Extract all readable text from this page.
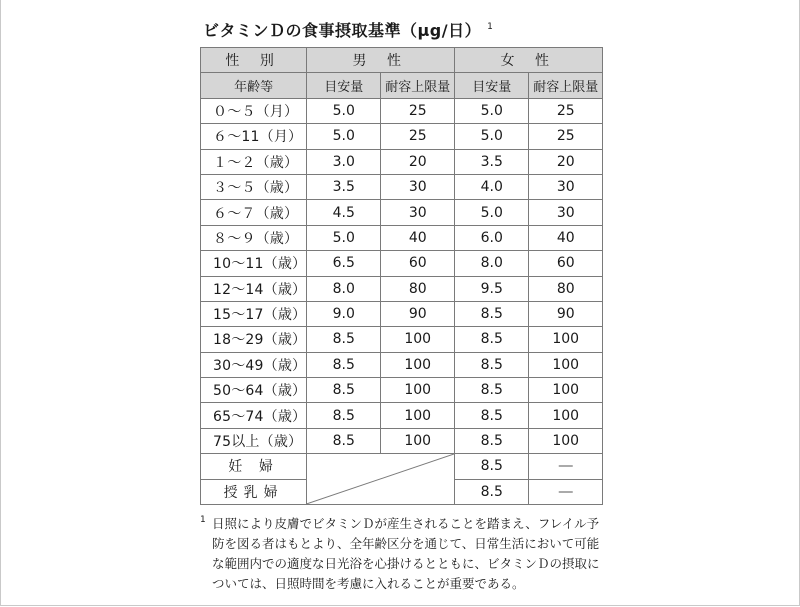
ビタミンＤの食事摂取基準（μg/日） $^1$
性 別	男 性		女 性	
年齢等	目安量	耐容上限量	目安量	耐容上限量
０～５（月）	5.0	25	5.0	25
６～11（月）	5.0	25	5.0	25
１～２（歳）	3.0	20	3.5	20
３～５（歳）	3.5	30	4.0	30
６～７（歳）	4.5	30	5.0	30
８～９（歳）	5.0	40	6.0	40
10～11（歳）	6.5	60	8.0	60
12～14（歳）	8.0	80	9.5	80
15～17（歳）	9.0	90	8.5	90
18～29（歳）	8.5	100	8.5	100
30～49（歳）	8.5	100	8.5	100
50～64（歳）	8.5	100	8.5	100
65～74（歳）	8.5	100	8.5	100
75以上（歳）	8.5	100	8.5	100
妊 婦			8.5	―
授乳婦			8.5	―
1 日照により皮膚でビタミンＤが産生されることを踏まえ、フレイル予防を図る者はもとより、全年齢区分を通じて、日常生活において可能な範囲内での適度な日光浴を心掛けるとともに、ビタミンＤの摂取については、日照時間を考慮に入れることが重要である。
